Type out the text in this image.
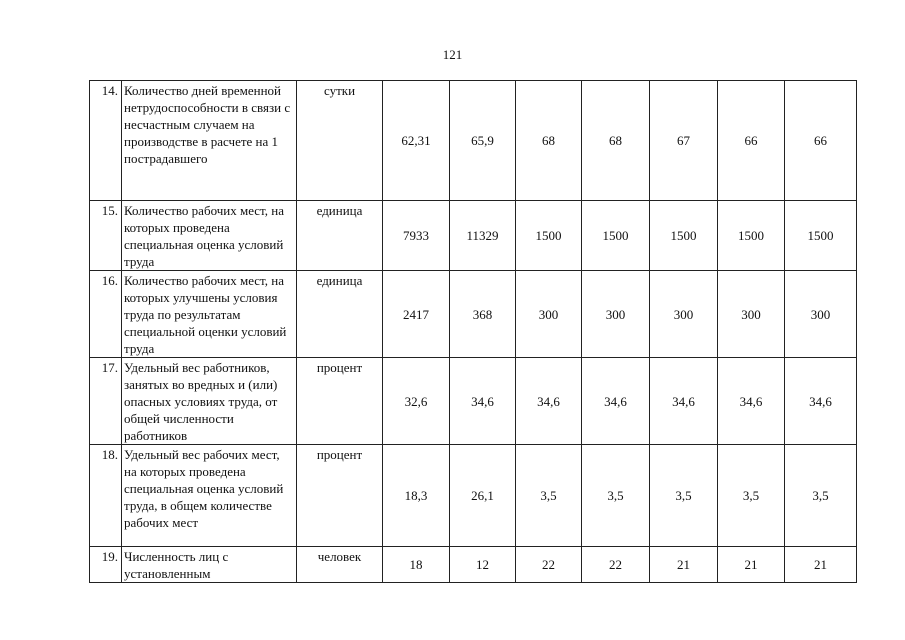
121
14.	Количество дней временной нетрудоспособности в связи с несчастным случаем на производстве в расчете на 1 пострадавшего	сутки	62,31	65,9	68	68	67	66	66
15.	Количество рабочих мест, на которых проведена специальная оценка условий труда	единица	7933	11329	1500	1500	1500	1500	1500
16.	Количество рабочих мест, на которых улучшены условия труда по результатам специальной оценки условий труда	единица	2417	368	300	300	300	300	300
17.	Удельный вес работников, занятых во вредных и (или) опасных условиях труда, от общей численности работников	процент	32,6	34,6	34,6	34,6	34,6	34,6	34,6
18.	Удельный вес рабочих мест, на которых проведена специальная оценка условий труда, в общем количестве рабочих мест	процент	18,3	26,1	3,5	3,5	3,5	3,5	3,5
19.	Численность лиц с установленным	человек	18	12	22	22	21	21	21
